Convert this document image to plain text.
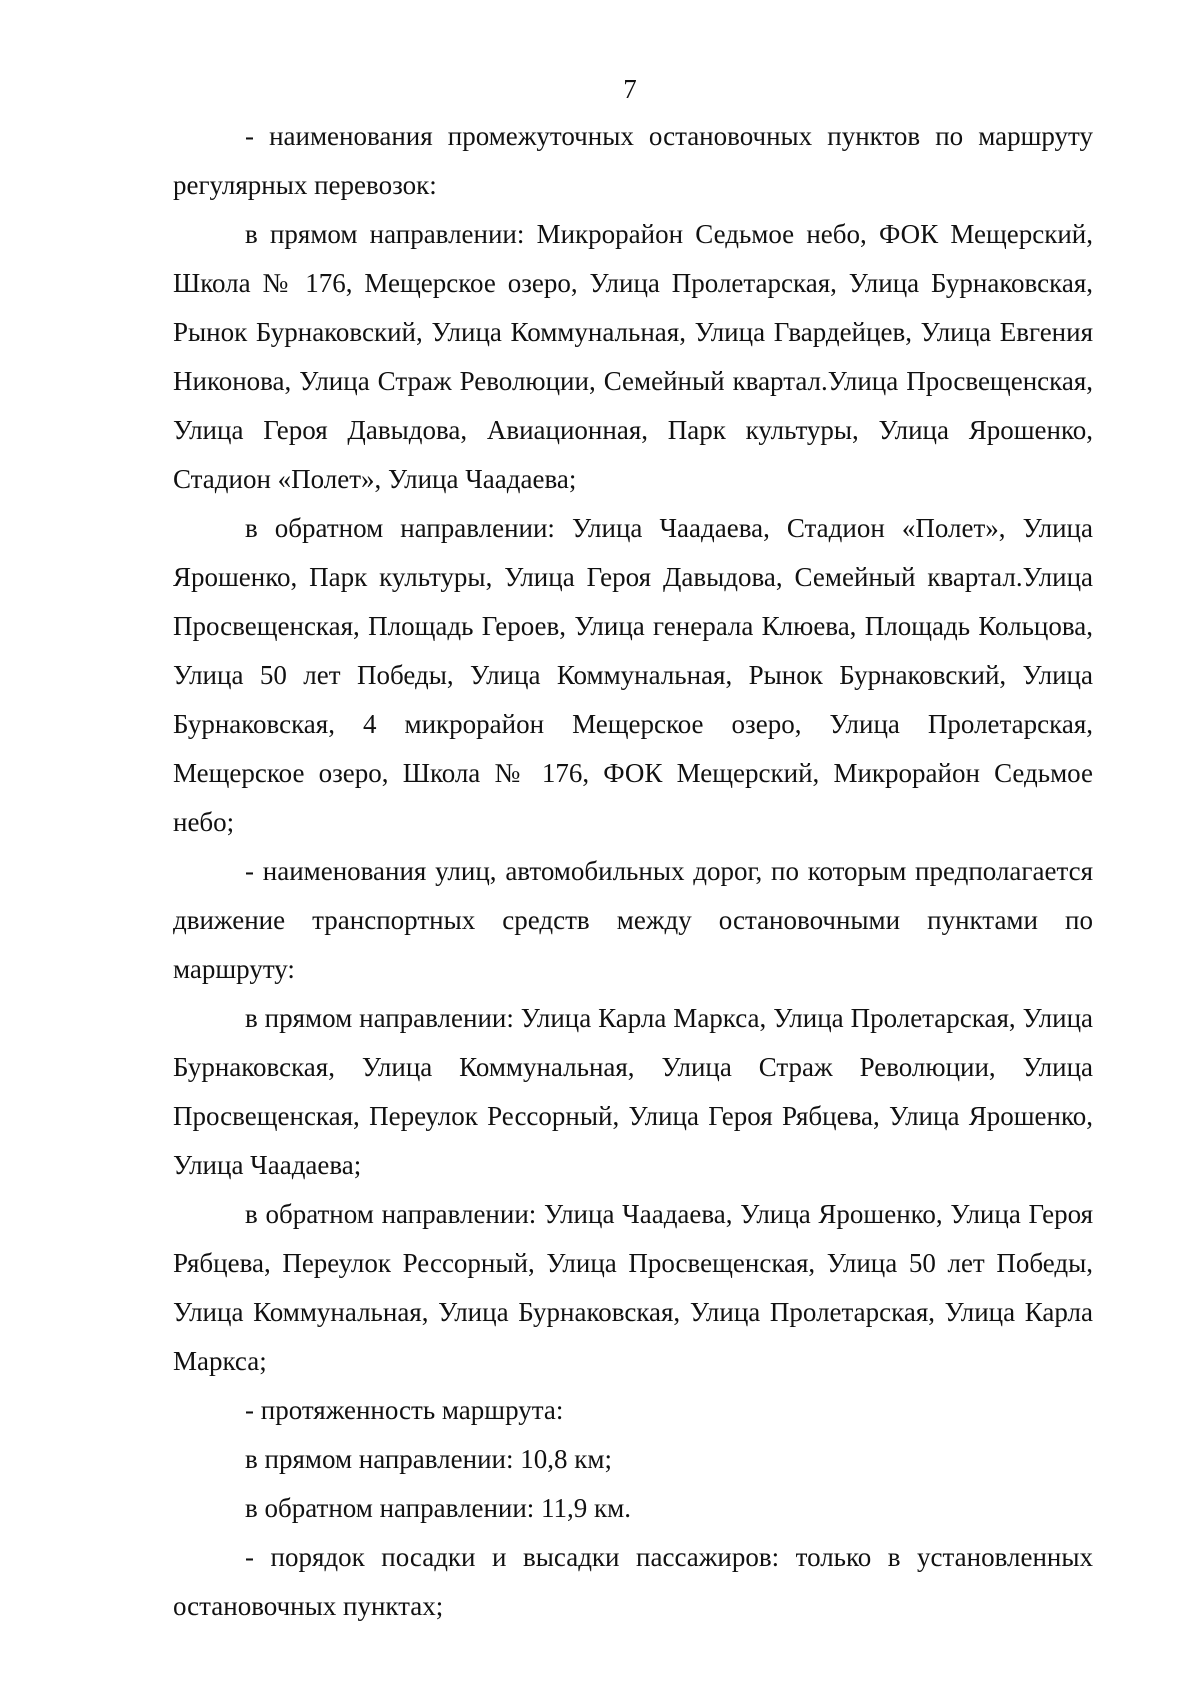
7

- наименования промежуточных остановочных пунктов по маршруту регулярных перевозок:

в прямом направлении: Микрорайон Седьмое небо, ФОК Мещерский, Школа № 176, Мещерское озеро, Улица Пролетарская, Улица Бурнаковская, Рынок Бурнаковский, Улица Коммунальная, Улица Гвардейцев, Улица Евгения Никонова, Улица Страж Революции, Семейный квартал.Улица Просвещенская, Улица Героя Давыдова, Авиационная, Парк культуры, Улица Ярошенко, Стадион «Полет», Улица Чаадаева;

в обратном направлении: Улица Чаадаева, Стадион «Полет», Улица Ярошенко, Парк культуры, Улица Героя Давыдова, Семейный квартал.Улица Просвещенская, Площадь Героев, Улица генерала Клюева, Площадь Кольцова, Улица 50 лет Победы, Улица Коммунальная, Рынок Бурнаковский, Улица Бурнаковская, 4 микрорайон Мещерское озеро, Улица Пролетарская, Мещерское озеро, Школа № 176, ФОК Мещерский, Микрорайон Седьмое небо;

- наименования улиц, автомобильных дорог, по которым предполагается движение транспортных средств между остановочными пунктами по маршруту:

в прямом направлении: Улица Карла Маркса, Улица Пролетарская, Улица Бурнаковская, Улица Коммунальная, Улица Страж Революции, Улица Просвещенская, Переулок Рессорный, Улица Героя Рябцева, Улица Ярошенко, Улица Чаадаева;

в обратном направлении: Улица Чаадаева, Улица Ярошенко, Улица Героя Рябцева, Переулок Рессорный, Улица Просвещенская, Улица 50 лет Победы, Улица Коммунальная, Улица Бурнаковская, Улица Пролетарская, Улица Карла Маркса;

- протяженность маршрута:

в прямом направлении: 10,8 км;

в обратном направлении: 11,9 км.

- порядок посадки и высадки пассажиров: только в установленных остановочных пунктах;
